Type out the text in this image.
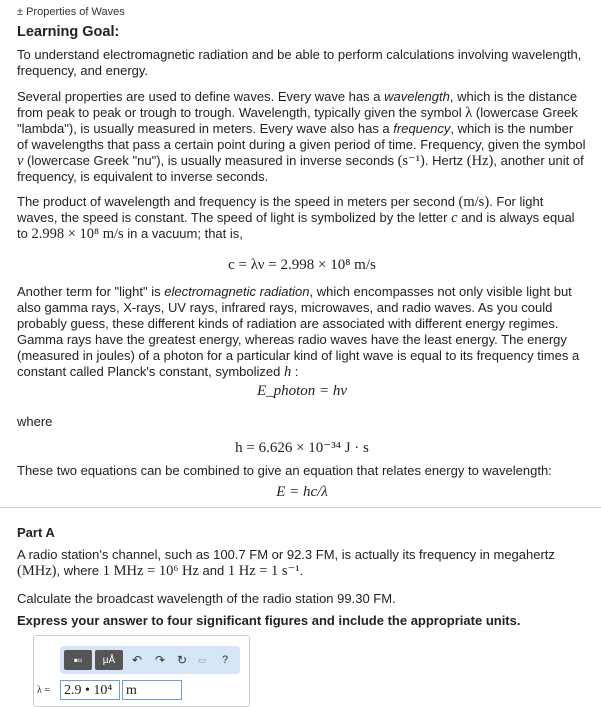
± Properties of Waves
Learning Goal:
To understand electromagnetic radiation and be able to perform calculations involving wavelength, frequency, and energy.
Several properties are used to define waves. Every wave has a wavelength, which is the distance from peak to peak or trough to trough. Wavelength, typically given the symbol λ (lowercase Greek "lambda"), is usually measured in meters. Every wave also has a frequency, which is the number of wavelengths that pass a certain point during a given period of time. Frequency, given the symbol ν (lowercase Greek "nu"), is usually measured in inverse seconds (s⁻¹). Hertz (Hz), another unit of frequency, is equivalent to inverse seconds.
The product of wavelength and frequency is the speed in meters per second (m/s). For light waves, the speed is constant. The speed of light is symbolized by the letter c and is always equal to 2.998 × 10⁸ m/s in a vacuum; that is,
c = λν = 2.998 × 10⁸ m/s
Another term for "light" is electromagnetic radiation, which encompasses not only visible light but also gamma rays, X-rays, UV rays, infrared rays, microwaves, and radio waves. As you could probably guess, these different kinds of radiation are associated with different energy regimes. Gamma rays have the greatest energy, whereas radio waves have the least energy. The energy (measured in joules) of a photon for a particular kind of light wave is equal to its frequency times a constant called Planck's constant, symbolized h :
E_photon = hν
where
h = 6.626 × 10⁻³⁴ J · s
These two equations can be combined to give an equation that relates energy to wavelength:
E = hc/λ
Part A
A radio station's channel, such as 100.7 FM or 92.3 FM, is actually its frequency in megahertz (MHz), where 1 MHz = 10⁶ Hz and 1 Hz = 1 s⁻¹.
Calculate the broadcast wavelength of the radio station 99.30 FM.
Express your answer to four significant figures and include the appropriate units.
▪▫	μÅ	↶ ↷ ↻ ▭ ?
λ = 2.9 • 10⁴ m
